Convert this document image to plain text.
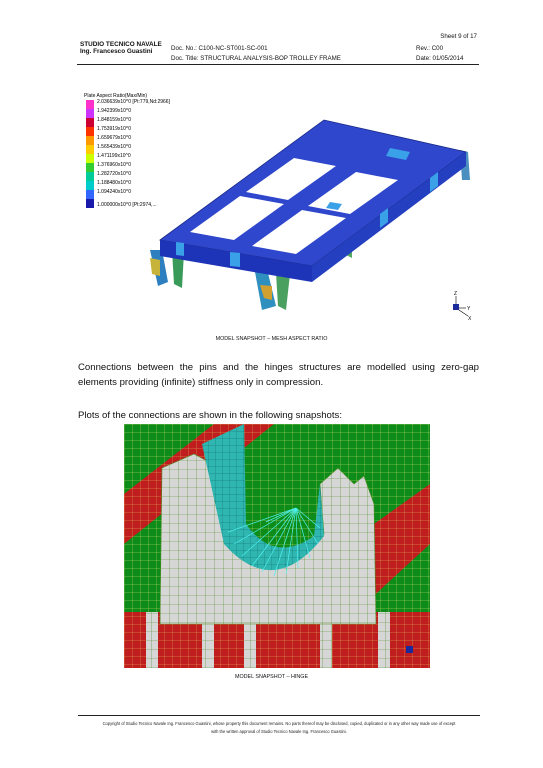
STUDIO TECNICO NAVALE
Ing. Francesco Guastini	Doc. No.: C100-NC-ST001-SC-001
Doc. Title: STRUCTURAL ANALYSIS-BOP TROLLEY FRAME
Sheet 9 of 17
Rev.: C00
Date: 01/05/2014
Plate Aspect Ratio(Max/Min)
2.036639x10^0 [Pt:779,Nd:2966]
1.942399x10^0
1.848159x10^0
1.753919x10^0
1.659679x10^0
1.565439x10^0
1.471199x10^0
1.376960x10^0
1.282720x10^0
1.188480x10^0
1.094240x10^0
1.000000x10^0 [Pt:2974,...
Z
Y
X
MODEL SNAPSHOT – MESH ASPECT RATIO
Connections between the pins and the hinges structures are modelled using zero-gap elements providing (infinite) stiffness only in compression.
Plots of the connections are shown in the following snapshots:
MODEL SNAPSHOT – HINGE
Copyright of Studio Tecnico Navale Ing. Francesco Guastini, whose property this document remains. No parts thereof may be disclosed, copied, duplicated or in any other way made use of except
with the written approval of Studio Tecnico Navale Ing. Francesco Guastini.
